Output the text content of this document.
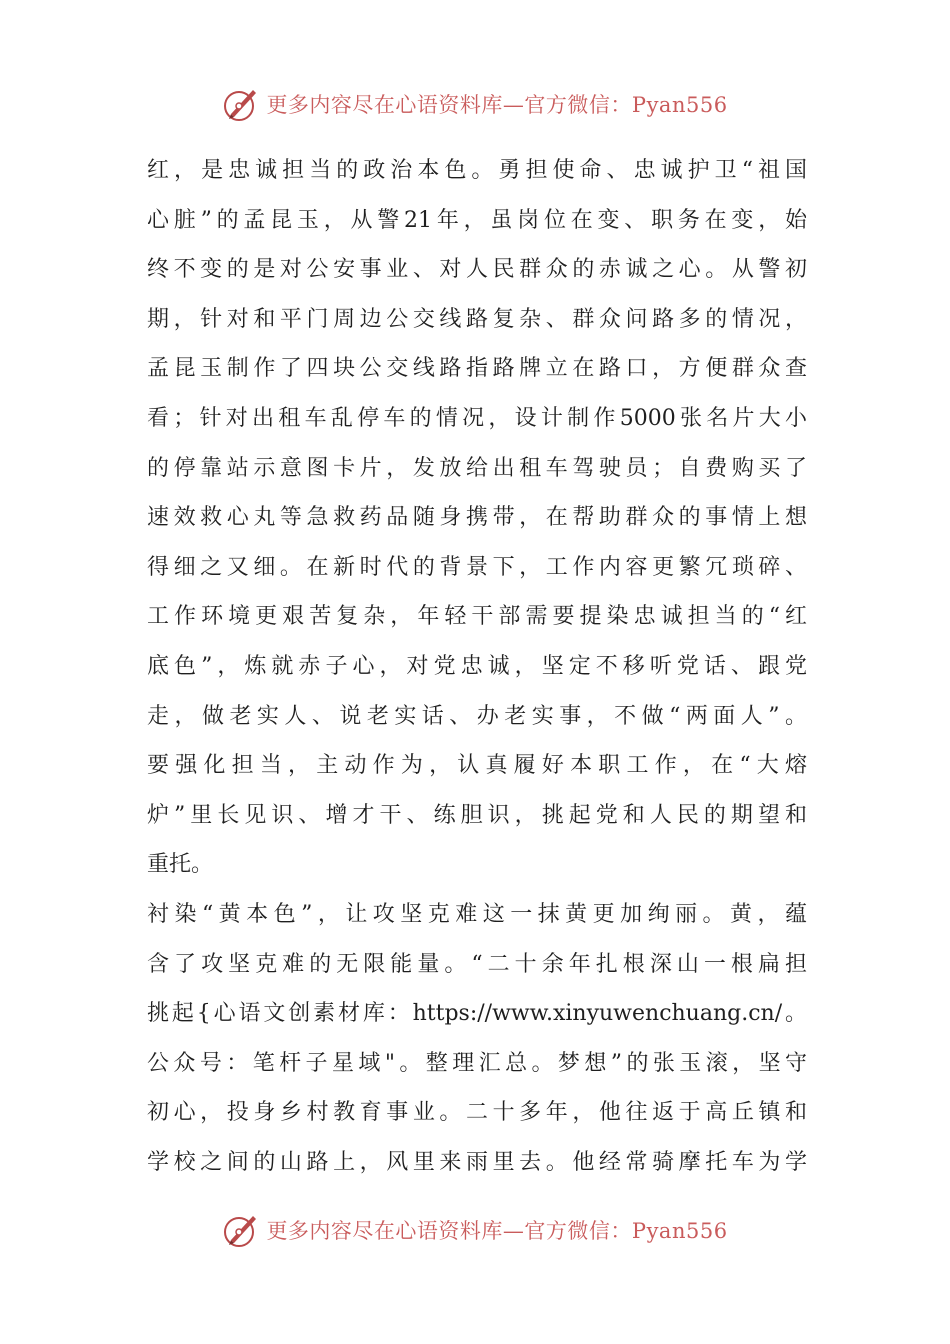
更多内容尽在心语资料库—官方微信：Pyan556
红，是忠诚担当的政治本色。勇担使命、忠诚护卫“祖国
心脏”的孟昆玉，从警21年，虽岗位在变、职务在变，始
终不变的是对公安事业、对人民群众的赤诚之心。从警初
期，针对和平门周边公交线路复杂、群众问路多的情况，
孟昆玉制作了四块公交线路指路牌立在路口，方便群众查
看；针对出租车乱停车的情况，设计制作5000张名片大小
的停靠站示意图卡片，发放给出租车驾驶员；自费购买了
速效救心丸等急救药品随身携带，在帮助群众的事情上想
得细之又细。在新时代的背景下，工作内容更繁冗琐碎、
工作环境更艰苦复杂，年轻干部需要提染忠诚担当的“红
底色”，炼就赤子心，对党忠诚，坚定不移听党话、跟党
走，做老实人、说老实话、办老实事，不做“两面人”。
要强化担当，主动作为，认真履好本职工作，在“大熔
炉”里长见识、增才干、练胆识，挑起党和人民的期望和
重托。
衬染“黄本色”，让攻坚克难这一抹黄更加绚丽。黄，蕴
含了攻坚克难的无限能量。“二十余年扎根深山一根扁担
挑起{心语文创素材库：https://www.xinyuwenchuang.cn/。
公众号：笔杆子星域"。整理汇总。梦想”的张玉滚，坚守
初心，投身乡村教育事业。二十多年，他往返于高丘镇和
学校之间的山路上，风里来雨里去。他经常骑摩托车为学
更多内容尽在心语资料库—官方微信：Pyan556
